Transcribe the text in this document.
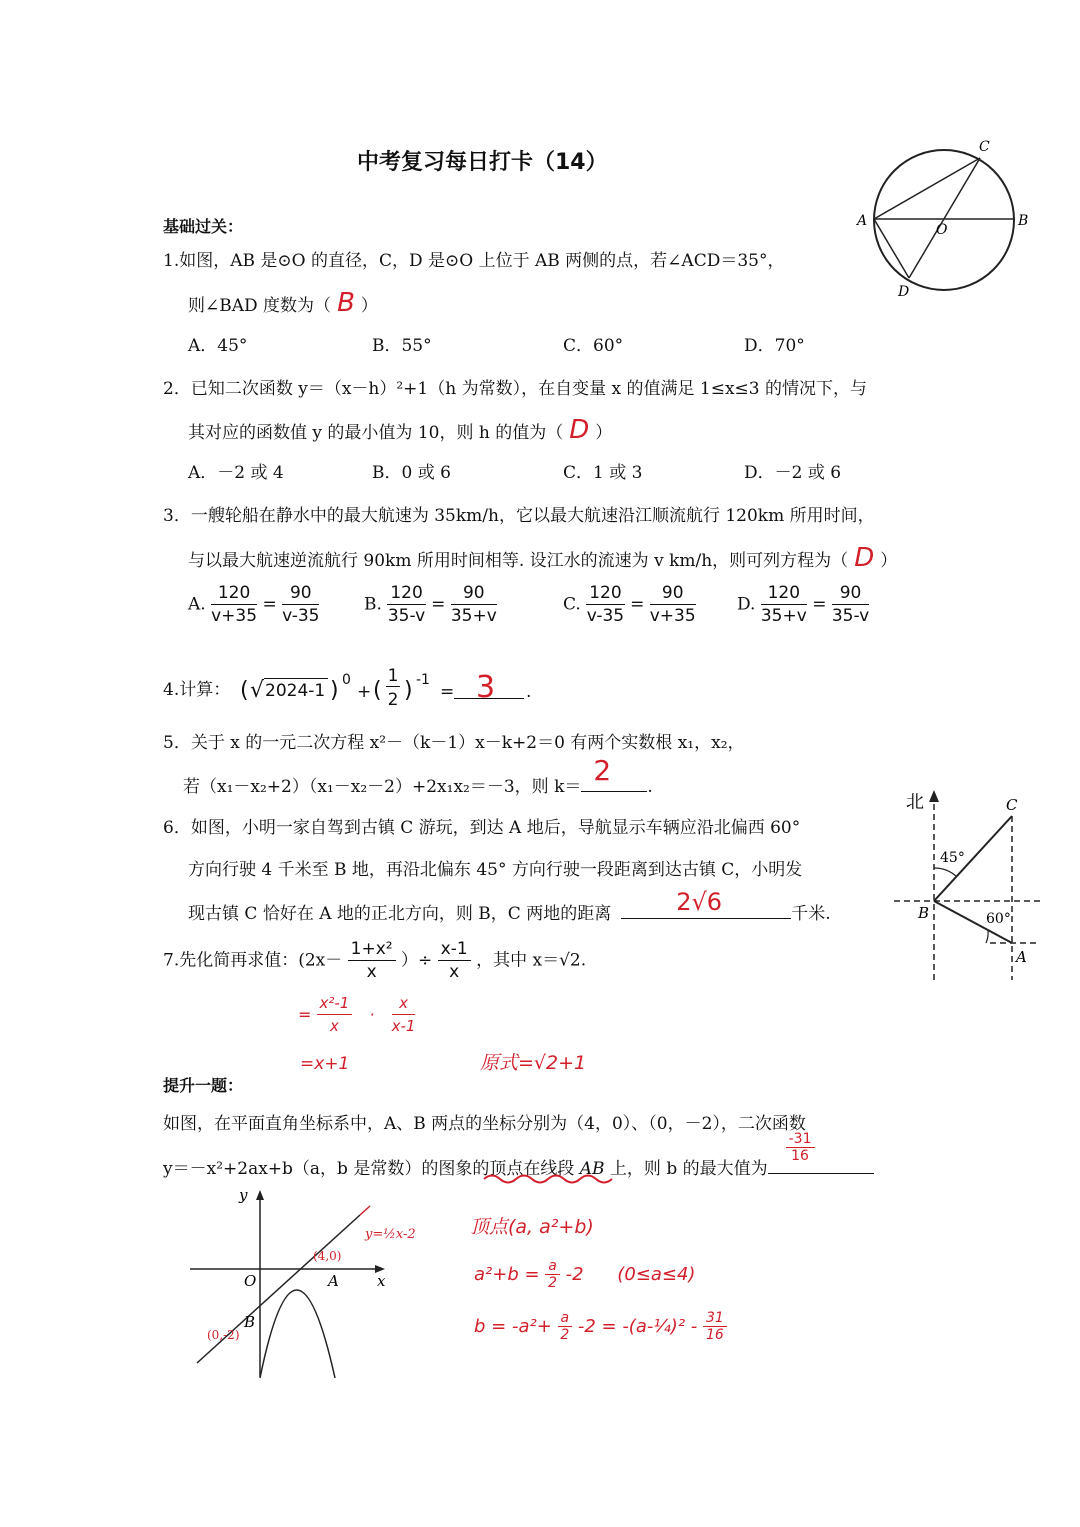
中考复习每日打卡（14）
C
A	B
O
D
基础过关：
1.如图，AB 是⊙O 的直径，C，D 是⊙O 上位于 AB 两侧的点，若∠ACD＝35°，
则∠BAD 度数为（ B ）
A．45°	B．55°	C．60°	D．70°
2．已知二次函数 y＝（x－h）²+1（h 为常数），在自变量 x 的值满足 1≤x≤3 的情况下，与
其对应的函数值 y 的最小值为 10，则 h 的值为（ D ）
A．－2 或 4	B．0 或 6	C．1 或 3	D．－2 或 6
3．一艘轮船在静水中的最大航速为 35km/h，它以最大航速沿江顺流航行 120km 所用时间，
与以最大航速逆流航行 90km 所用时间相等. 设江水的流速为 v km/h，则可列方程为（ D ）
A. $\frac{120}{v+35} = \frac{90}{v-35}$	B. $\frac{120}{35-v} = \frac{90}{35+v}$	C. $\frac{120}{v-35} = \frac{90}{v+35} D$. $\frac{120}{35+v} = \frac{90}{35-v}$
4.计算： ( √ 2024-1 ) 0
+ (
1
2 ) -1
= 3 .
5．关于 x 的一元二次方程 x²－（k－1）x－k+2＝0 有两个实数根 x₁，x₂，
若（x₁－x₂+2）（x₁－x₂－2）+2x₁x₂＝－3，则 k＝ 2 .
6．如图，小明一家自驾到古镇 C 游玩，到达 A 地后，导航显示车辆应沿北偏西 60°
方向行驶 4 千米至 B 地，再沿北偏东 45° 方向行驶一段距离到达古镇 C，小明发
现古镇 C 恰好在 A 地的正北方向，则 B，C 两地的距离	2√6	千米.
北
45°
60°
C
B
A
7.先化简再求值：($2x- \frac{\text{1+x²}}{x}$ ）÷ $\frac{x-1}{x}$ ，其中 x＝√2.
= $\frac{\text{x²-1}}{x} \cdot \frac{x}{x-1}$
=x+1	原式=√2+1
提升一题：
如图，在平面直角坐标系中，A、B 两点的坐标分别为（4，0）、（0，－2），二次函数
y＝－x²+2ax+b（a，b 是常数）的图象的顶点在线段 AB 上，则 b 的最大值为
$\frac{-31}{16}$
y
x
O	A
B
y=½x-2
(4,0)
(0,-2)
顶点(a, a²+b)
$a^2+b = \frac{a}{2} -2$ (0≤a≤4)
$b = -a^2+ \frac{a}{2} -2$ = -(a-¼)² - $\frac{31}{16}$
